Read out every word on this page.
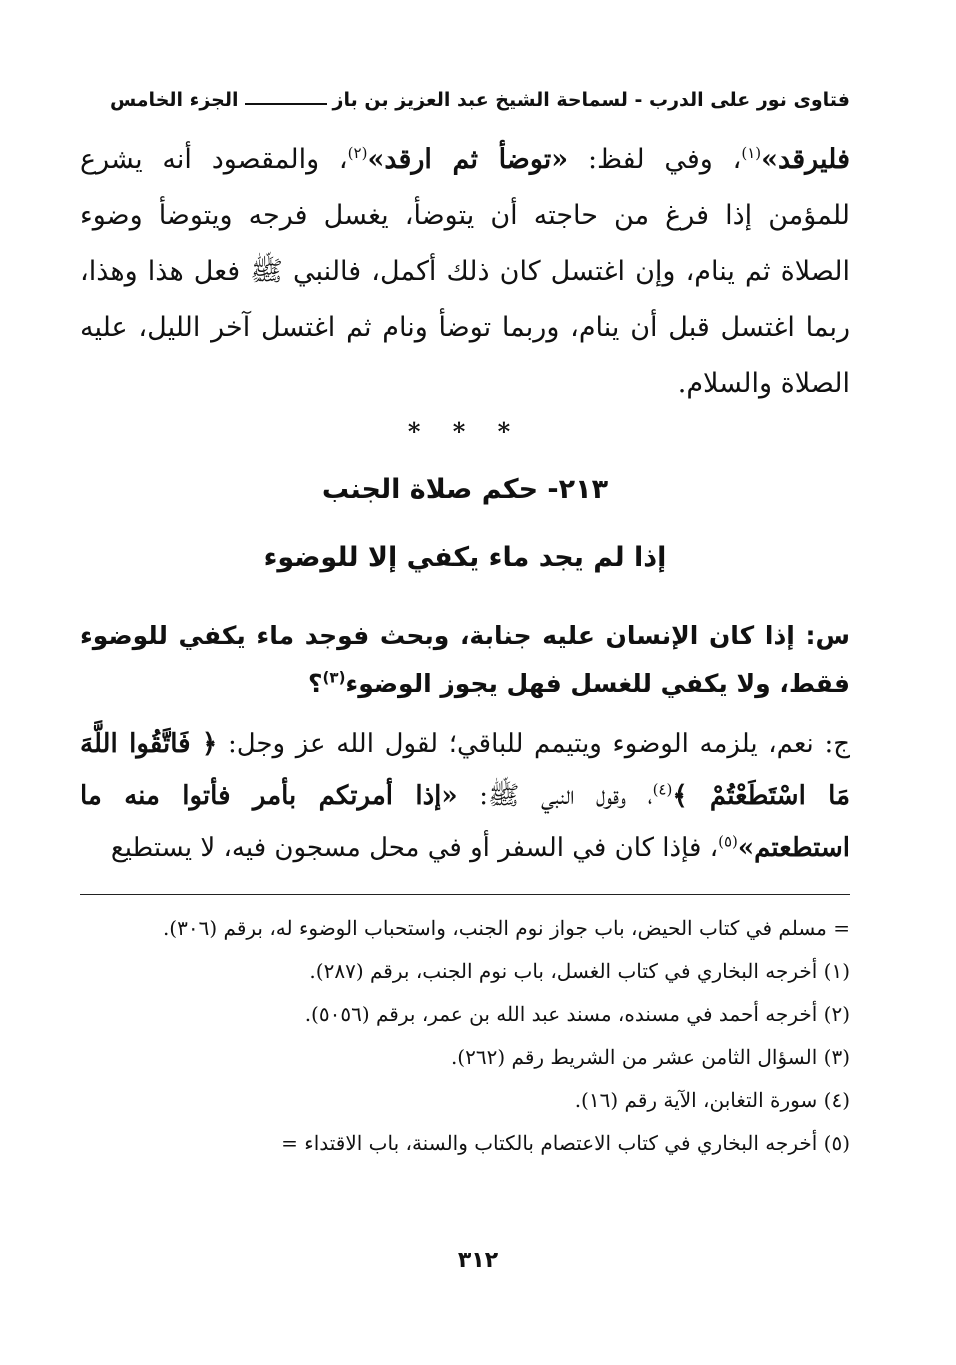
فتاوى نور على الدرب - لسماحة الشيخ عبد العزيز بن باز
الجزء الخامس

فليرقد»$^{(١)}$، وفي لفظ: «توضأ ثم ارقد»$^{(٢)}$، والمقصود أنه يشرع للمؤمن إذا فرغ من حاجته أن يتوضأ، يغسل فرجه ويتوضأ وضوء الصلاة ثم ينام، وإن اغتسل كان ذلك أكمل، فالنبي ﷺ فعل هذا وهذا، ربما اغتسل قبل أن ينام، وربما توضأ ونام ثم اغتسل آخر الليل، عليه الصلاة والسلام.

* * *
٢١٣- حكم صلاة الجنب
إذا لم يجد ماء يكفي إلا للوضوء
س: إذا كان الإنسان عليه جنابة، وبحث فوجد ماء يكفي للوضوء فقط، ولا يكفي للغسل فهل يجوز الوضوء$^{(٣)}$؟
ج: نعم، يلزمه الوضوء ويتيمم للباقي؛ لقول الله عز وجل: ﴿ فَاتَّقُوا اللَّهَ مَا اسْتَطَعْتُمْ ﴾$^{(٤)}$، وقول النبي ﷺ: «إذا أمرتكم بأمر فأتوا منه ما استطعتم»$^{(٥)}$، فإذا كان في السفر أو في محل مسجون فيه، لا يستطيع

= مسلم في كتاب الحيض، باب جواز نوم الجنب، واستحباب الوضوء له، برقم (٣٠٦).

(١) أخرجه البخاري في كتاب الغسل، باب نوم الجنب، برقم (٢٨٧).

(٢) أخرجه أحمد في مسنده، مسند عبد الله بن عمر، برقم (٥٠٥٦).

(٣) السؤال الثامن عشر من الشريط رقم (٢٦٢).

(٤) سورة التغابن، الآية رقم (١٦).

(٥) أخرجه البخاري في كتاب الاعتصام بالكتاب والسنة، باب الاقتداء =

٣١٢
